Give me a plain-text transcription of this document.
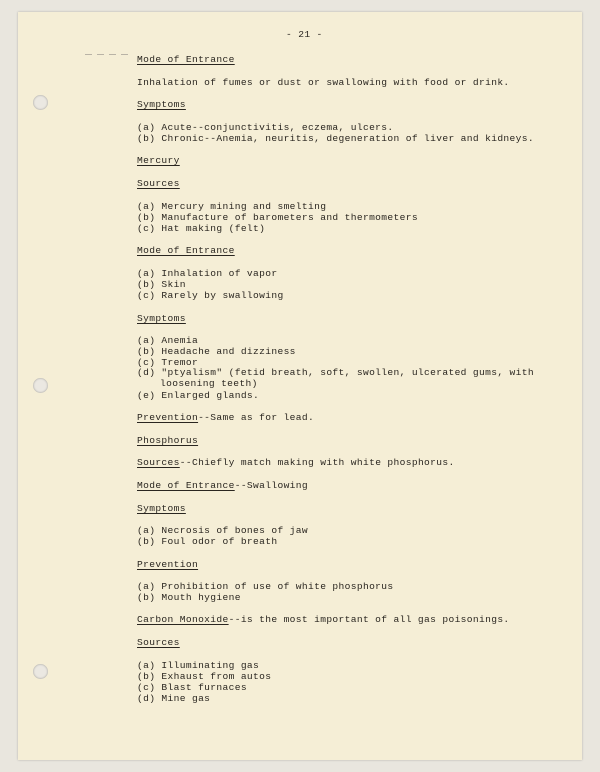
- 21 -
Mode of Entrance
Inhalation of fumes or dust or swallowing with food or drink.
Symptoms
(a) Acute--conjunctivitis, eczema, ulcers.
(b) Chronic--Anemia, neuritis, degeneration of liver and kidneys.
Mercury
Sources
(a) Mercury mining and smelting
(b) Manufacture of barometers and thermometers
(c) Hat making (felt)
Mode of Entrance
(a) Inhalation of vapor
(b) Skin
(c) Rarely by swallowing
Symptoms
(a) Anemia
(b) Headache and dizziness
(c) Tremor
(d) "ptyalism" (fetid breath, soft, swollen, ulcerated gums, with
loosening teeth)
(e) Enlarged glands.
Prevention--Same as for lead.
Phosphorus
Sources--Chiefly match making with white phosphorus.
Mode of Entrance--Swallowing
Symptoms
(a) Necrosis of bones of jaw
(b) Foul odor of breath
Prevention
(a) Prohibition of use of white phosphorus
(b) Mouth hygiene
Carbon Monoxide--is the most important of all gas poisonings.
Sources
(a) Illuminating gas
(b) Exhaust from autos
(c) Blast furnaces
(d) Mine gas
